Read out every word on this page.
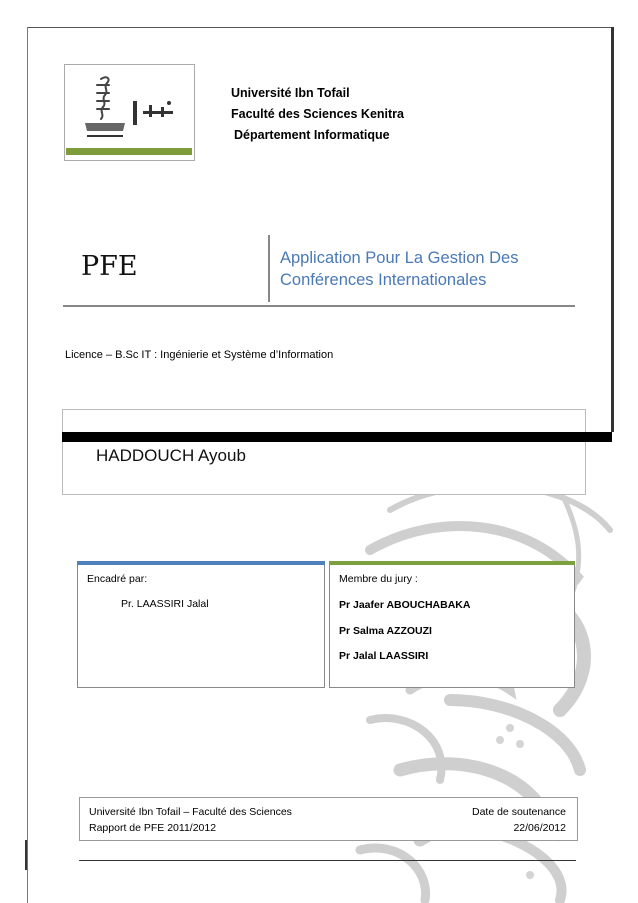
Université Ibn Tofail
Faculté des Sciences Kenitra
Département Informatique
PFE	Application Pour La Gestion Des
Conférences Internationales
Licence – B.Sc IT : Ingénierie et Système d’Information
HADDOUCH Ayoub
Encadré par:
Pr. LAASSIRI Jalal
Membre du jury :
Pr Jaafer ABOUCHABAKA
Pr Salma AZZOUZI
Pr Jalal LAASSIRI
Université Ibn Tofail – Faculté des Sciences
Rapport de PFE 2011/2012
Date de soutenance
22/06/2012
